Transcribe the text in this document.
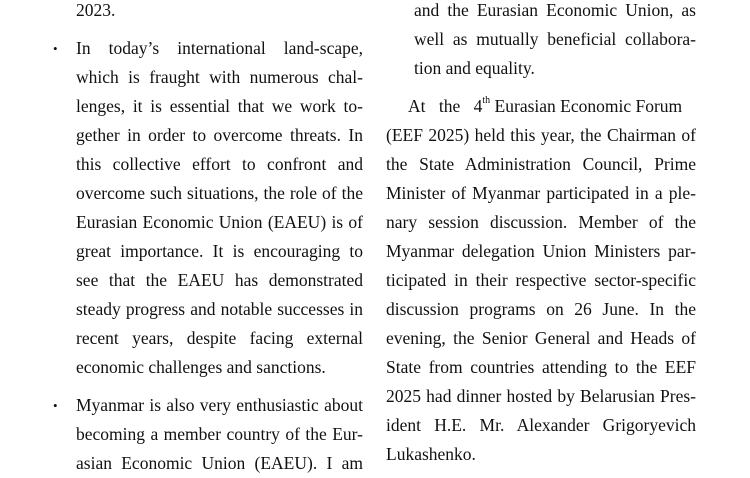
2023.
• In today’s international land-scape,
which is fraught with numerous chal-
lenges, it is essential that we work to-
gether in order to overcome threats. In
this collective effort to confront and
overcome such situations, the role of the
Eurasian Economic Union (EAEU) is of
great importance. It is encouraging to
see that the EAEU has demonstrated
steady progress and notable successes in
recent years, despite facing external
economic challenges and sanctions.
• Myanmar is also very enthusiastic about
becoming a member country of the Eur-
asian Economic Union (EAEU). I am
and the Eurasian Economic Union, as
well as mutually beneficial collabora-
tion and equality.
At the 4th Eurasian Economic Forum
(EEF 2025) held this year, the Chairman of
the State Administration Council, Prime
Minister of Myanmar participated in a ple-
nary session discussion. Member of the
Myanmar delegation Union Ministers par-
ticipated in their respective sector-specific
discussion programs on 26 June. In the
evening, the Senior General and Heads of
State from countries attending to the EEF
2025 had dinner hosted by Belarusian Pres-
ident H.E. Mr. Alexander Grigoryevich
Lukashenko.
